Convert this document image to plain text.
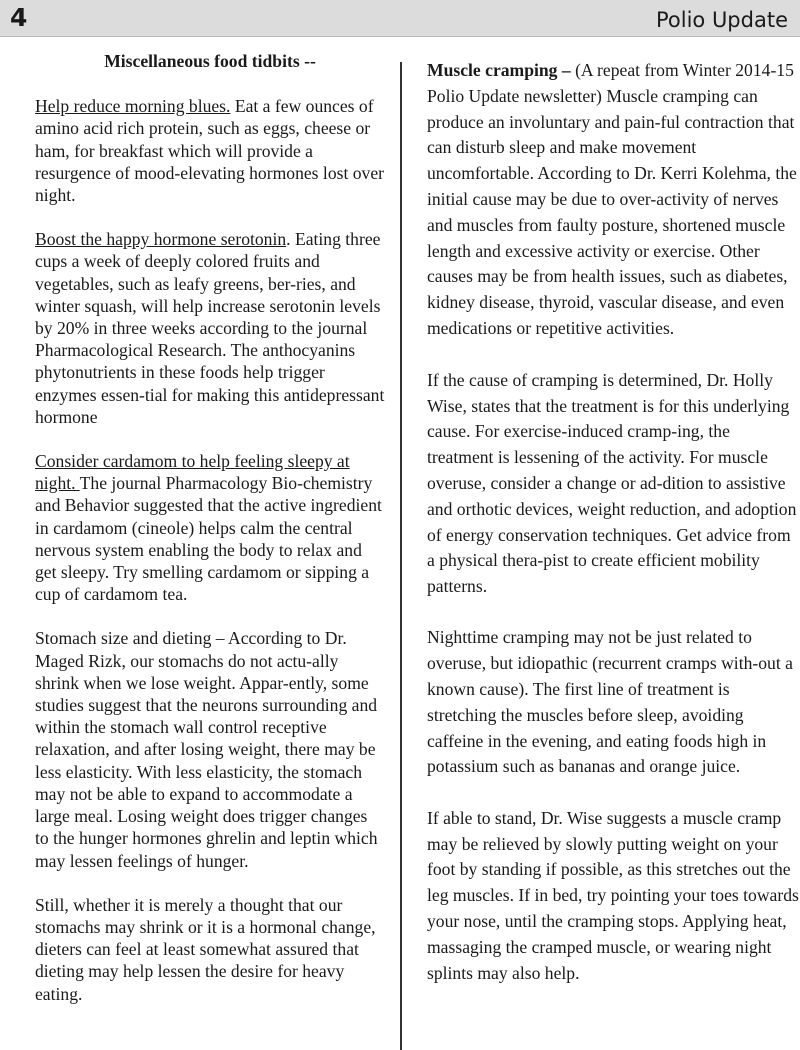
4	Polio Update
Miscellaneous food tidbits --

Help reduce morning blues. Eat a few ounces of amino acid rich protein, such as eggs, cheese or ham, for breakfast which will provide a resurgence of mood-elevating hormones lost over night.

Boost the happy hormone serotonin. Eating three cups a week of deeply colored fruits and vegetables, such as leafy greens, ber-ries, and winter squash, will help increase serotonin levels by 20% in three weeks according to the journal Pharmacological Research. The anthocyanins phytonutrients in these foods help trigger enzymes essen-tial for making this antidepressant hormone

Consider cardamom to help feeling sleepy at night. The journal Pharmacology Bio-chemistry and Behavior suggested that the active ingredient in cardamom (cineole) helps calm the central nervous system enabling the body to relax and get sleepy. Try smelling cardamom or sipping a cup of cardamom tea.

Stomach size and dieting – According to Dr. Maged Rizk, our stomachs do not actu-ally shrink when we lose weight. Appar-ently, some studies suggest that the neurons surrounding and within the stomach wall control receptive relaxation, and after losing weight, there may be less elasticity. With less elasticity, the stomach may not be able to expand to accommodate a large meal. Losing weight does trigger changes to the hunger hormones ghrelin and leptin which may lessen feelings of hunger.

Still, whether it is merely a thought that our stomachs may shrink or it is a hormonal change, dieters can feel at least somewhat assured that dieting may help lessen the desire for heavy eating.

Muscle cramping – (A repeat from Winter 2014-15 Polio Update newsletter) Muscle cramping can produce an involuntary and pain-ful contraction that can disturb sleep and make movement uncomfortable. According to Dr. Kerri Kolehma, the initial cause may be due to over-activity of nerves and muscles from faulty posture, shortened muscle length and excessive activity or exercise. Other causes may be from health issues, such as diabetes, kidney disease, thyroid, vascular disease, and even medications or repetitive activities.

If the cause of cramping is determined, Dr. Holly Wise, states that the treatment is for this underlying cause. For exercise-induced cramp-ing, the treatment is lessening of the activity. For muscle overuse, consider a change or ad-dition to assistive and orthotic devices, weight reduction, and adoption of energy conservation techniques. Get advice from a physical thera-pist to create efficient mobility patterns.

Nighttime cramping may not be just related to overuse, but idiopathic (recurrent cramps with-out a known cause). The first line of treatment is stretching the muscles before sleep, avoiding caffeine in the evening, and eating foods high in potassium such as bananas and orange juice.

If able to stand, Dr. Wise suggests a muscle cramp may be relieved by slowly putting weight on your foot by standing if possible, as this stretches out the leg muscles. If in bed, try pointing your toes towards your nose, until the cramping stops. Applying heat, massaging the cramped muscle, or wearing night splints may also help.
